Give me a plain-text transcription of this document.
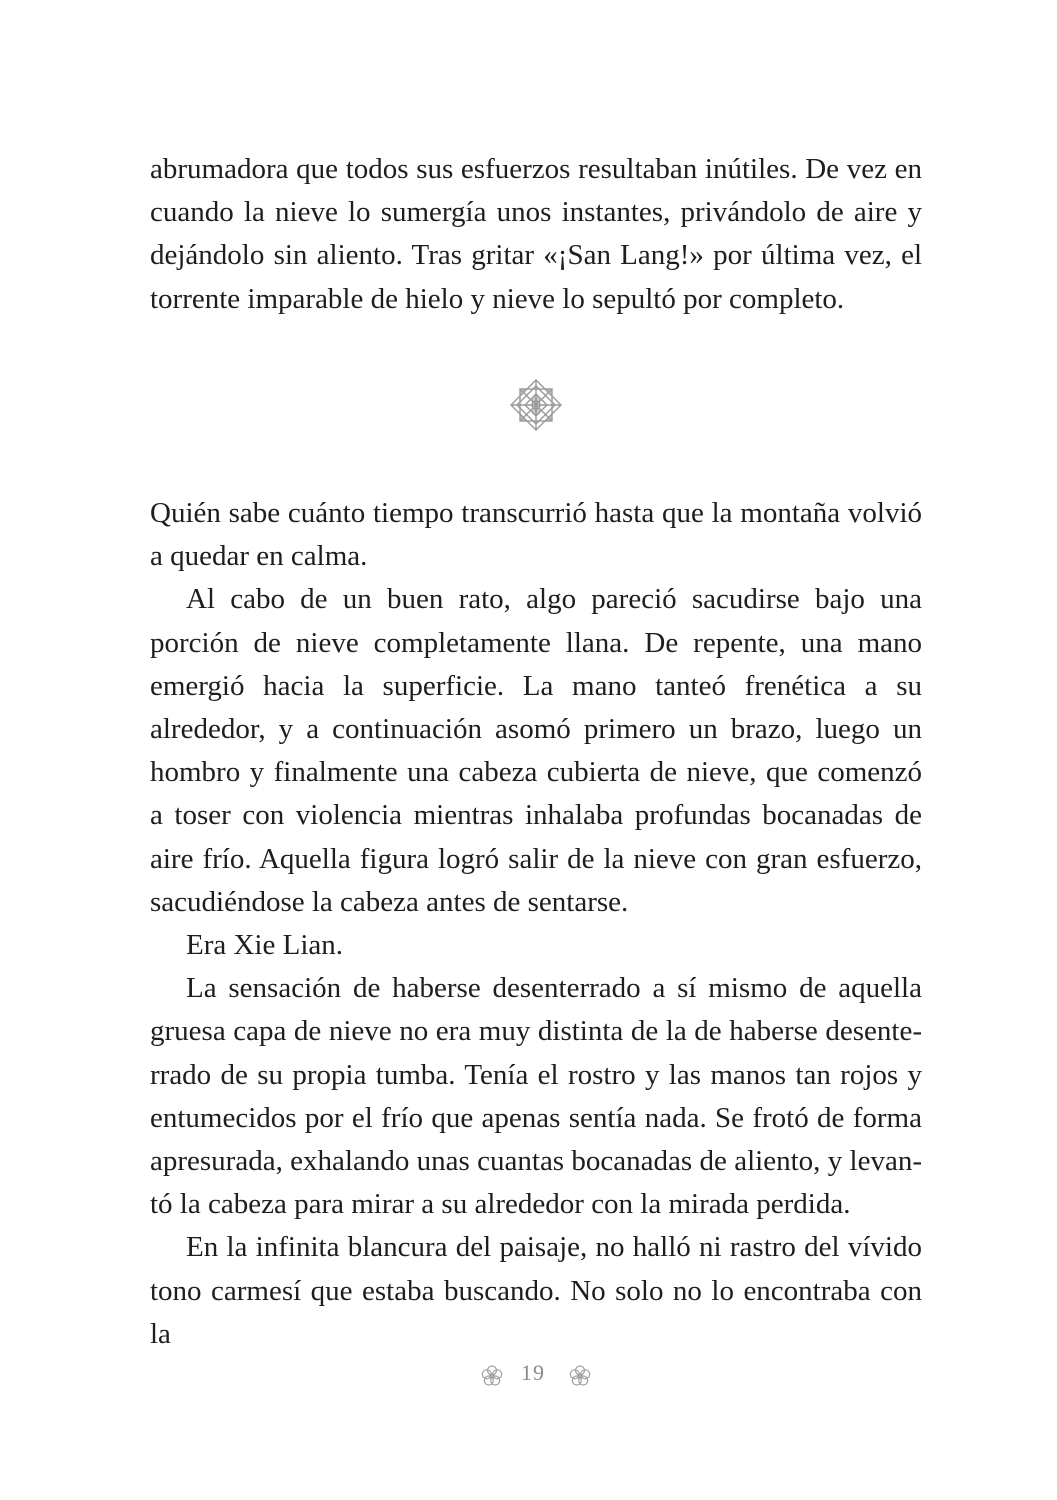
abrumadora que todos sus esfuerzos resultaban inútiles. De vez en cuando la nieve lo sumergía unos instantes, privándolo de aire y dejándolo sin aliento. Tras gritar «¡San Lang!» por última vez, el torrente imparable de hielo y nieve lo sepultó por completo.

Quién sabe cuánto tiempo transcurrió hasta que la montaña volvió a quedar en calma.

Al cabo de un buen rato, algo pareció sacudirse bajo una porción de nieve completamente llana. De repente, una mano emergió hacia la superficie. La mano tanteó frenética a su alrededor, y a continuación asomó primero un brazo, luego un hombro y finalmente una cabeza cubierta de nieve, que comenzó a toser con violencia mientras inhalaba profundas bocanadas de aire frío. Aquella figura logró salir de la nieve con gran esfuerzo, sacudiéndose la cabeza antes de sentarse.

Era Xie Lian.

La sensación de haberse desenterrado a sí mismo de aquella gruesa capa de nieve no era muy distinta de la de haberse desenterrado de su propia tumba. Tenía el rostro y las manos tan rojos y entumecidos por el frío que apenas sentía nada. Se frotó de forma apresurada, exhalando unas cuantas bocanadas de aliento, y levantó la cabeza para mirar a su alrededor con la mirada perdida.

En la infinita blancura del paisaje, no halló ni rastro del vívido tono carmesí que estaba buscando. No solo no lo encontraba con la

19
